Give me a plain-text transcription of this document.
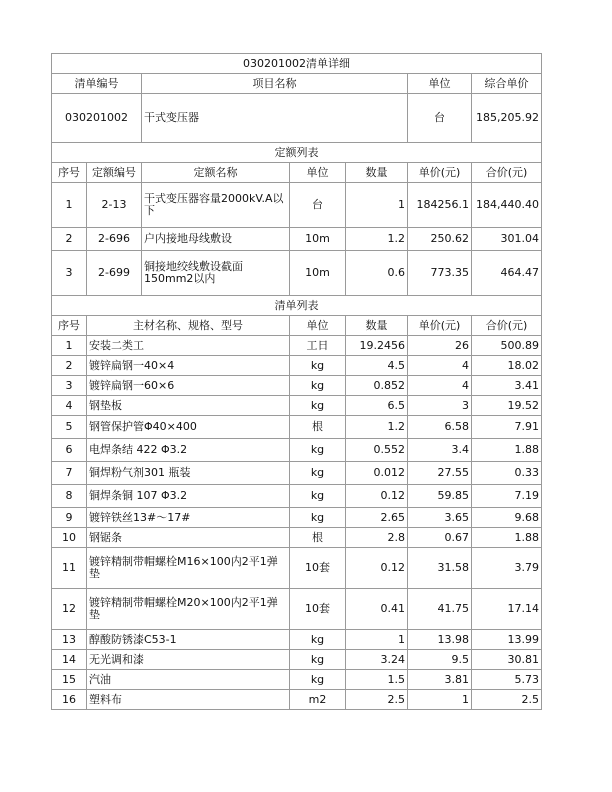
030201002清单详细						
清单编号		项目名称			单位	综合单价
030201002		干式变压器			台	185,205.92
定额列表						
序号	定额编号	定额名称	单位	数量	单价(元)	合价(元)
1	2-13	干式变压器容量2000kV.A以下	台	1	184256.1	184,440.40
2	2-696	户内接地母线敷设	10m	1.2	250.62	301.04
3	2-699	铜接地绞线敷设截面150mm2以内	10m	0.6	773.35	464.47
清单列表						
序号	主材名称、规格、型号		单位	数量	单价(元)	合价(元)
1	安装二类工		工日	19.2456	26	500.89
2	镀锌扁钢一40×4		kg	4.5	4	18.02
3	镀锌扁钢一60×6		kg	0.852	4	3.41
4	钢垫板		kg	6.5	3	19.52
5	钢管保护管Φ40×400		根	1.2	6.58	7.91
6	电焊条结 422 Φ3.2		kg	0.552	3.4	1.88
7	铜焊粉气剂301 瓶装		kg	0.012	27.55	0.33
8	铜焊条铜 107 Φ3.2		kg	0.12	59.85	7.19
9	镀锌铁丝13#～17#		kg	2.65	3.65	9.68
10	钢锯条		根	2.8	0.67	1.88
11	镀锌精制带帽螺栓M16×100内2平1弹垫		10套	0.12	31.58	3.79
12	镀锌精制带帽螺栓M20×100内2平1弹垫		10套	0.41	41.75	17.14
13	醇酸防锈漆C53-1		kg	1	13.98	13.99
14	无光调和漆		kg	3.24	9.5	30.81
15	汽油		kg	1.5	3.81	5.73
16	塑料布		m2	2.5	1	2.5
